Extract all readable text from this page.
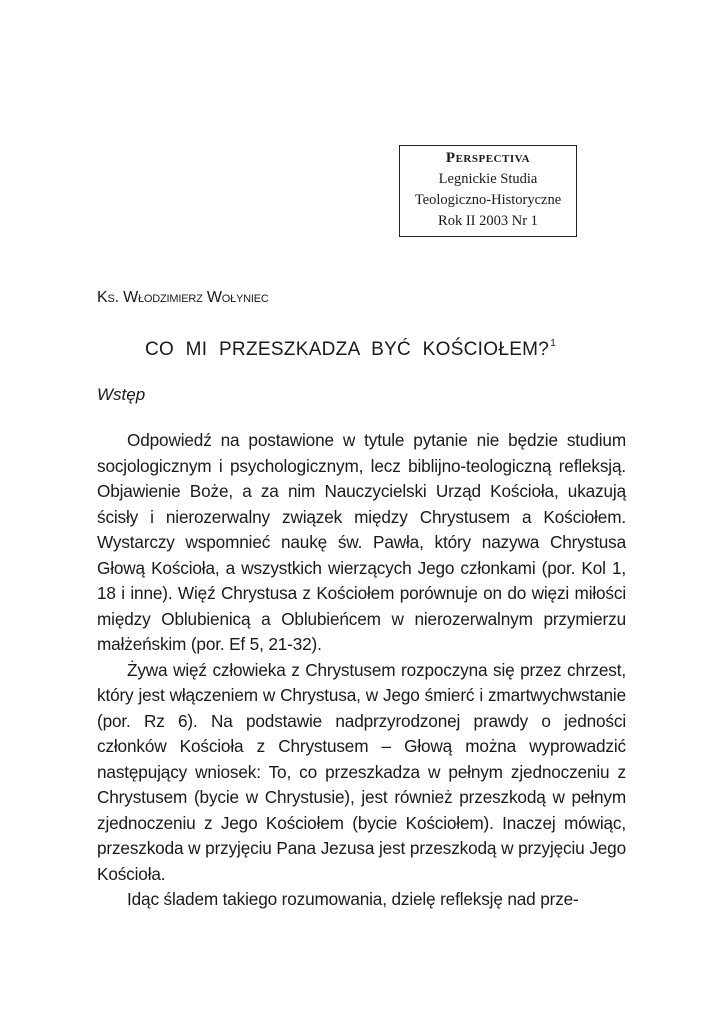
Perspectiva
Legnickie Studia
Teologiczno-Historyczne
Rok II 2003 Nr 1
Ks. Włodzimierz Wołyniec
CO MI PRZESZKADZA BYĆ KOŚCIOŁEM?$^1$
Wstęp

Odpowiedź na postawione w tytule pytanie nie będzie studium socjologicznym i psychologicznym, lecz biblijno-teologiczną refleksją. Objawienie Boże, a za nim Nauczycielski Urząd Kościoła, ukazują ścisły i nierozerwalny związek między Chrystusem a Kościołem. Wystarczy wspomnieć naukę św. Pawła, który nazywa Chrystusa Głową Kościoła, a wszystkich wierzących Jego członkami (por. Kol 1, 18 i inne). Więź Chrystusa z Kościołem porównuje on do więzi miłości między Oblubienicą a Oblubieńcem w nierozerwalnym przymierzu małżeńskim (por. Ef 5, 21-32).

Żywa więź człowieka z Chrystusem rozpoczyna się przez chrzest, który jest włączeniem w Chrystusa, w Jego śmierć i zmartwychwstanie (por. Rz 6). Na podstawie nadprzyrodzonej prawdy o jedności członków Kościoła z Chrystusem – Głową można wyprowadzić następujący wniosek: To, co przeszkadza w pełnym zjednoczeniu z Chrystusem (bycie w Chrystusie), jest również przeszkodą w pełnym zjednoczeniu z Jego Kościołem (bycie Kościołem). Inaczej mówiąc, przeszkoda w przyjęciu Pana Jezusa jest przeszkodą w przyjęciu Jego Kościoła.

Idąc śladem takiego rozumowania, dzielę refleksję nad prze-
